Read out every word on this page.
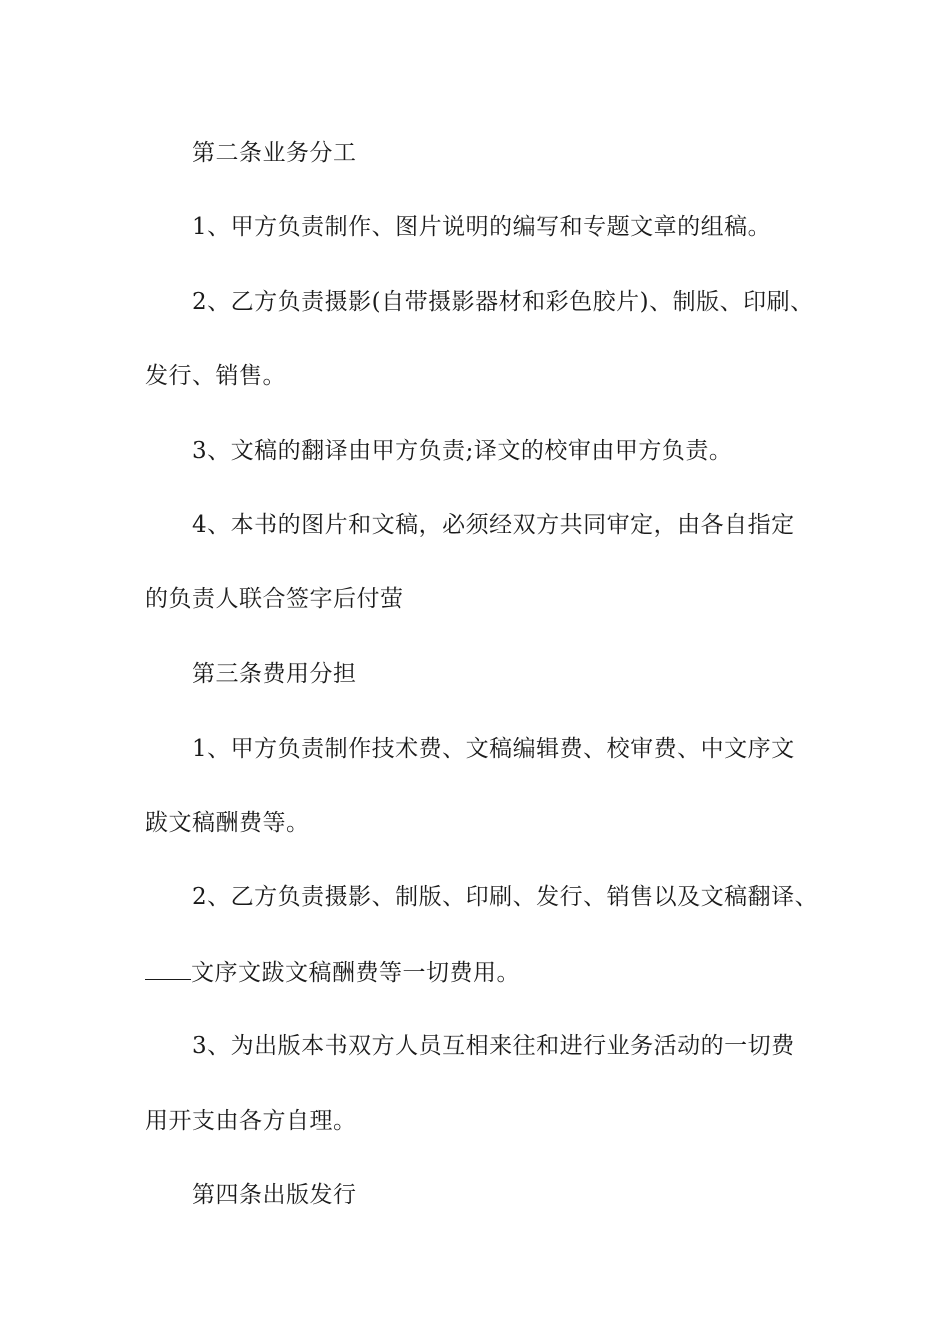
第二条业务分工
1、甲方负责制作、图片说明的编写和专题文章的组稿。
2、乙方负责摄影(自带摄影器材和彩色胶片)、制版、印刷、
发行、销售。
3、文稿的翻译由甲方负责;译文的校审由甲方负责。
4、本书的图片和文稿，必须经双方共同审定，由各自指定
的负责人联合签字后付萤
第三条费用分担
1、甲方负责制作技术费、文稿编辑费、校审费、中文序文
跋文稿酬费等。
2、乙方负责摄影、制版、印刷、发行、销售以及文稿翻译、
文序文跋文稿酬费等一切费用。
3、为出版本书双方人员互相来往和进行业务活动的一切费
用开支由各方自理。
第四条出版发行
